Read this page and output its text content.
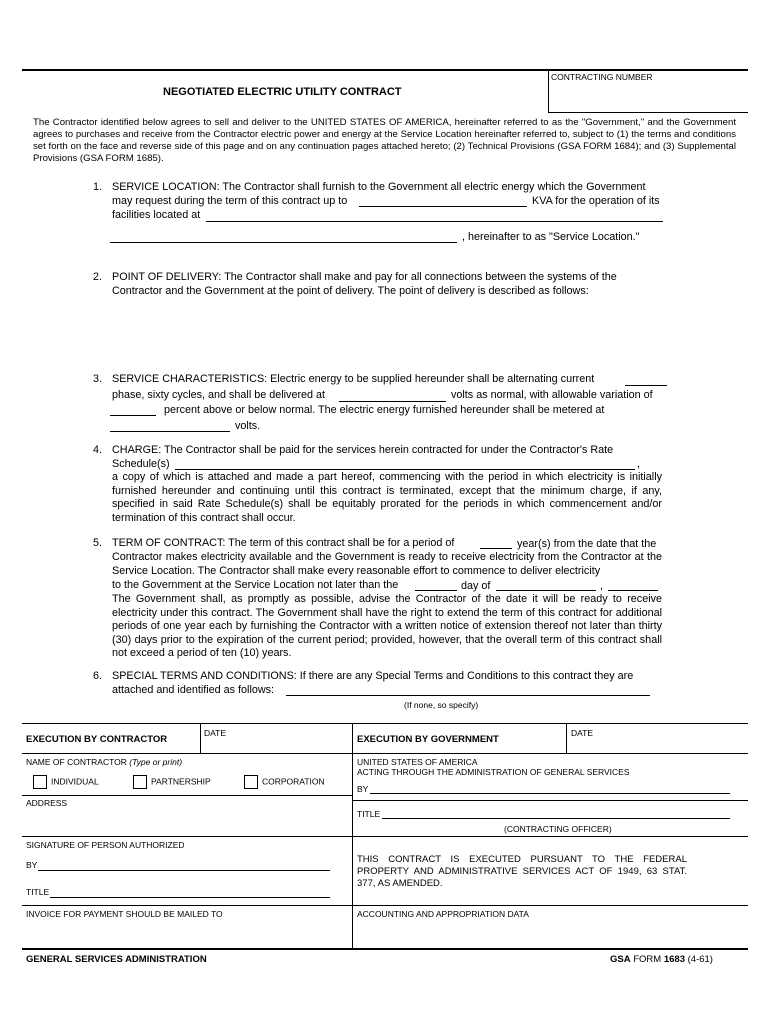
CONTRACTING NUMBER
NEGOTIATED ELECTRIC UTILITY CONTRACT
The Contractor identified below agrees to sell and deliver to the UNITED STATES OF AMERICA, hereinafter referred to as the "Government," and the Government agrees to purchases and receive from the Contractor electric power and energy at the Service Location hereinafter referred to, subject to (1) the terms and conditions set forth on the face and reverse side of this page and on any continuation pages attached hereto; (2) Technical Provisions (GSA FORM 1684); and (3) Supplemental Provisions (GSA FORM 1685).
1. SERVICE LOCATION: The Contractor shall furnish to the Government all electric energy which the Government
may request during the term of this contract up to	KVA for the operation of its
facilities located at
, hereinafter to as "Service Location."
2. POINT OF DELIVERY: The Contractor shall make and pay for all connections between the systems of the
Contractor and the Government at the point of delivery. The point of delivery is described as follows:
3. SERVICE CHARACTERISTICS: Electric energy to be supplied hereunder shall be alternating current
phase, sixty cycles, and shall be delivered at	volts as normal, with allowable variation of
percent above or below normal. The electric energy furnished hereunder shall be metered at
volts.
4. CHARGE: The Contractor shall be paid for the services herein contracted for under the Contractor's Rate
Schedule(s)	,
a copy of which is attached and made a part hereof, commencing with the period in which electricity is initially furnished hereunder and continuing until this contract is terminated, except that the minimum charge, if any, specified in said Rate Schedule(s) shall be equitably prorated for the periods in which commencement and/or termination of this contract shall occur.
5. TERM OF CONTRACT: The term of this contract shall be for a period of	year(s) from the date that the
Contractor makes electricity available and the Government is ready to receive electricity from the Contractor at the Service Location. The Contractor shall make every reasonable effort to commence to deliver electricity
to the Government at the Service Location not later than the	day of	,
The Government shall, as promptly as possible, advise the Contractor of the date it will be ready to receive electricity under this contract. The Government shall have the right to extend the term of this contract for additional periods of one year each by furnishing the Contractor with a written notice of extension thereof not later than thirty (30) days prior to the expiration of the current period; provided, however, that the overall term of this contract shall not exceed a period of ten (10) years.
6. SPECIAL TERMS AND CONDITIONS: If there are any Special Terms and Conditions to this contract they are
attached and identified as follows:
(If none, so specify)
EXECUTION BY CONTRACTOR
DATE
EXECUTION BY GOVERNMENT
DATE
NAME OF CONTRACTOR (Type or print)
INDIVIDUAL	PARTNERSHIP	CORPORATION
ADDRESS
SIGNATURE OF PERSON AUTHORIZED
BY
TITLE
INVOICE FOR PAYMENT SHOULD BE MAILED TO
UNITED STATES OF AMERICA
ACTING THROUGH THE ADMINISTRATION OF GENERAL SERVICES
BY
TITLE
(CONTRACTING OFFICER)
THIS CONTRACT IS EXECUTED PURSUANT TO THE FEDERAL PROPERTY AND ADMINISTRATIVE SERVICES ACT OF 1949, 63 STAT. 377, AS AMENDED.
ACCOUNTING AND APPROPRIATION DATA
GENERAL SERVICES ADMINISTRATION	GSA FORM 1683 (4-61)
